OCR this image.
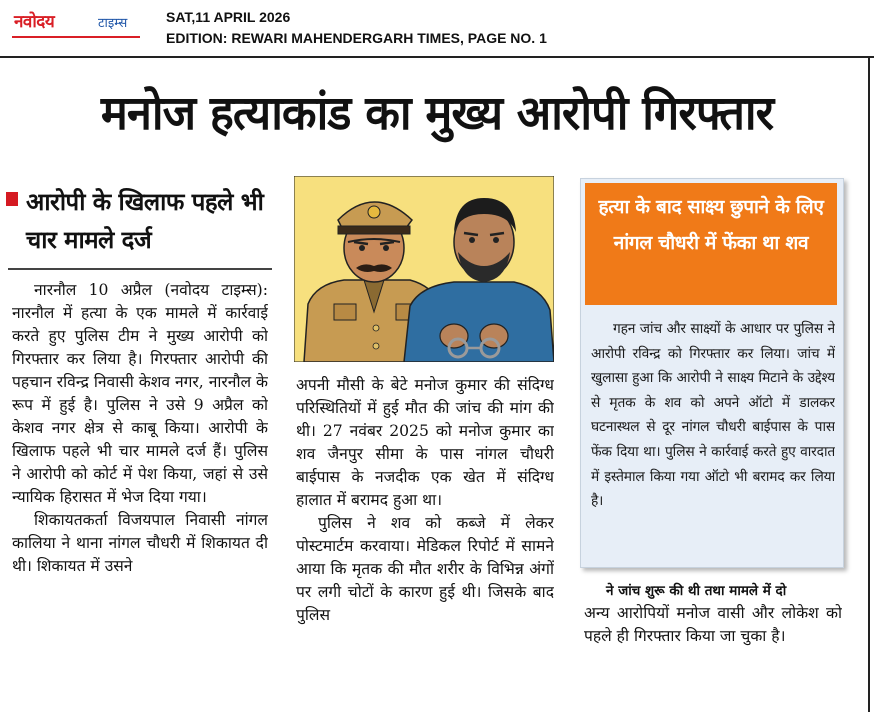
नवोदय	टाइम्स	SAT,11 APRIL 2026
EDITION: REWARI MAHENDERGARH TIMES, PAGE NO. 1
मनोज हत्याकांड का मुख्य आरोपी गिरफ्तार
आरोपी के खिलाफ पहले भी चार मामले दर्ज

नारनौल 10 अप्रैल (नवोदय टाइम्स): नारनौल में हत्या के एक मामले में कार्रवाई करते हुए पुलिस टीम ने मुख्य आरोपी को गिरफ्तार कर लिया है। गिरफ्तार आरोपी की पहचान रविन्द्र निवासी केशव नगर, नारनौल के रूप में हुई है। पुलिस ने उसे 9 अप्रैल को केशव नगर क्षेत्र से काबू किया। आरोपी के खिलाफ पहले भी चार मामले दर्ज हैं। पुलिस ने आरोपी को कोर्ट में पेश किया, जहां से उसे न्यायिक हिरासत में भेज दिया गया।

शिकायतकर्ता विजयपाल निवासी नांगल कालिया ने थाना नांगल चौधरी में शिकायत दी थी। शिकायत में उसने

अपनी मौसी के बेटे मनोज कुमार की संदिग्ध परिस्थितियों में हुई मौत की जांच की मांग की थी। 27 नवंबर 2025 को मनोज कुमार का शव जैनपुर सीमा के पास नांगल चौधरी बाईपास के नजदीक एक खेत में संदिग्ध हालात में बरामद हुआ था।

पुलिस ने शव को कब्जे में लेकर पोस्टमार्टम करवाया। मेडिकल रिपोर्ट में सामने आया कि मृतक की मौत शरीर के विभिन्न अंगों पर लगी चोटों के कारण हुई थी। जिसके बाद पुलिस

हत्या के बाद साक्ष्य छुपाने के लिए नांगल चौधरी में फेंका था शव

गहन जांच और साक्ष्यों के आधार पर पुलिस ने आरोपी रविन्द्र को गिरफ्तार कर लिया। जांच में खुलासा हुआ कि आरोपी ने साक्ष्य मिटाने के उद्देश्य से मृतक के शव को अपने ऑटो में डालकर घटनास्थल से दूर नांगल चौधरी बाईपास के पास फेंक दिया था। पुलिस ने कार्रवाई करते हुए वारदात में इस्तेमाल किया गया ऑटो भी बरामद कर लिया है।

ने जांच शुरू की थी तथा मामले में दो

अन्य आरोपियों मनोज वासी और लोकेश को पहले ही गिरफ्तार किया जा चुका है।
